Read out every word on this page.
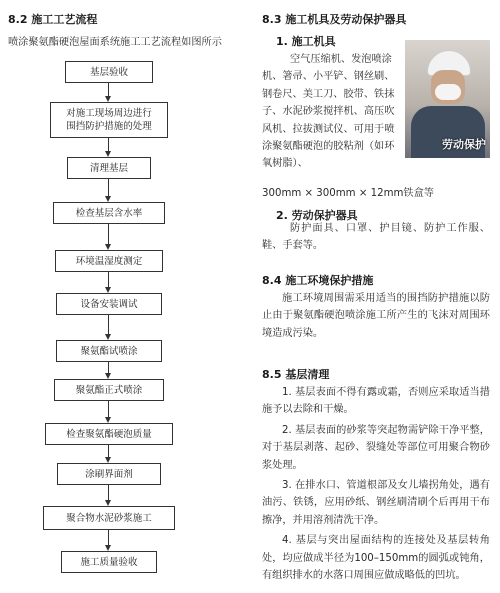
8.2 施工工艺流程
喷涂聚氨酯硬泡屋面系统施工工艺流程如图所示
基层验收
对施工现场周边进行
围挡防护措施的处理
清理基层
检查基层含水率
环境温湿度测定
设备安装调试
聚氨酯试喷涂
聚氨酯正式喷涂
检查聚氨酯硬泡质量
涂刷界面剂
聚合物水泥砂浆施工
施工质量验收
8.3 施工机具及劳动保护器具
1. 施工机具

空气压缩机、发泡喷涂

机、箸帚、小平铲、钢丝刷、

钢卷尺、美工刀、胶带、铁抹

子、水泥砂浆搅拌机、高压吹

风机、拉拔测试仪、可用于喷

涂聚氨酯硬泡的胶粘剂（如环

氧树脂）、

300mm × 300mm × 12mm铁盒等
劳动保护
2. 劳动保护器具
防护面具、口罩、护目镜、防护工作服、鞋、手套等。
8.4 施工环境保护措施
施工环境周围需采用适当的围挡防护措施以防止由于聚氨酯硬泡喷涂施工所产生的飞沫对周围环境造成污染。
8.5 基层清理

1. 基层表面不得有露或霜，否则应采取适当措施予以去除和干燥。

2. 基层表面的砂浆等突起物需铲除干净平整，对于基层剥落、起砂、裂缝处等部位可用聚合物砂浆处理。

3. 在排水口、管道根部及女儿墙拐角处，遇有油污、铁锈，应用砂纸、钢丝刷清刷个后再用干布擦净，并用溶剂清洗干净。

4. 基层与突出屋面结构的连接处及基层转角处，均应做成半径为100–150mm的圆弧或钝角，有组织排水的水落口周围应做成略低的凹坑。
